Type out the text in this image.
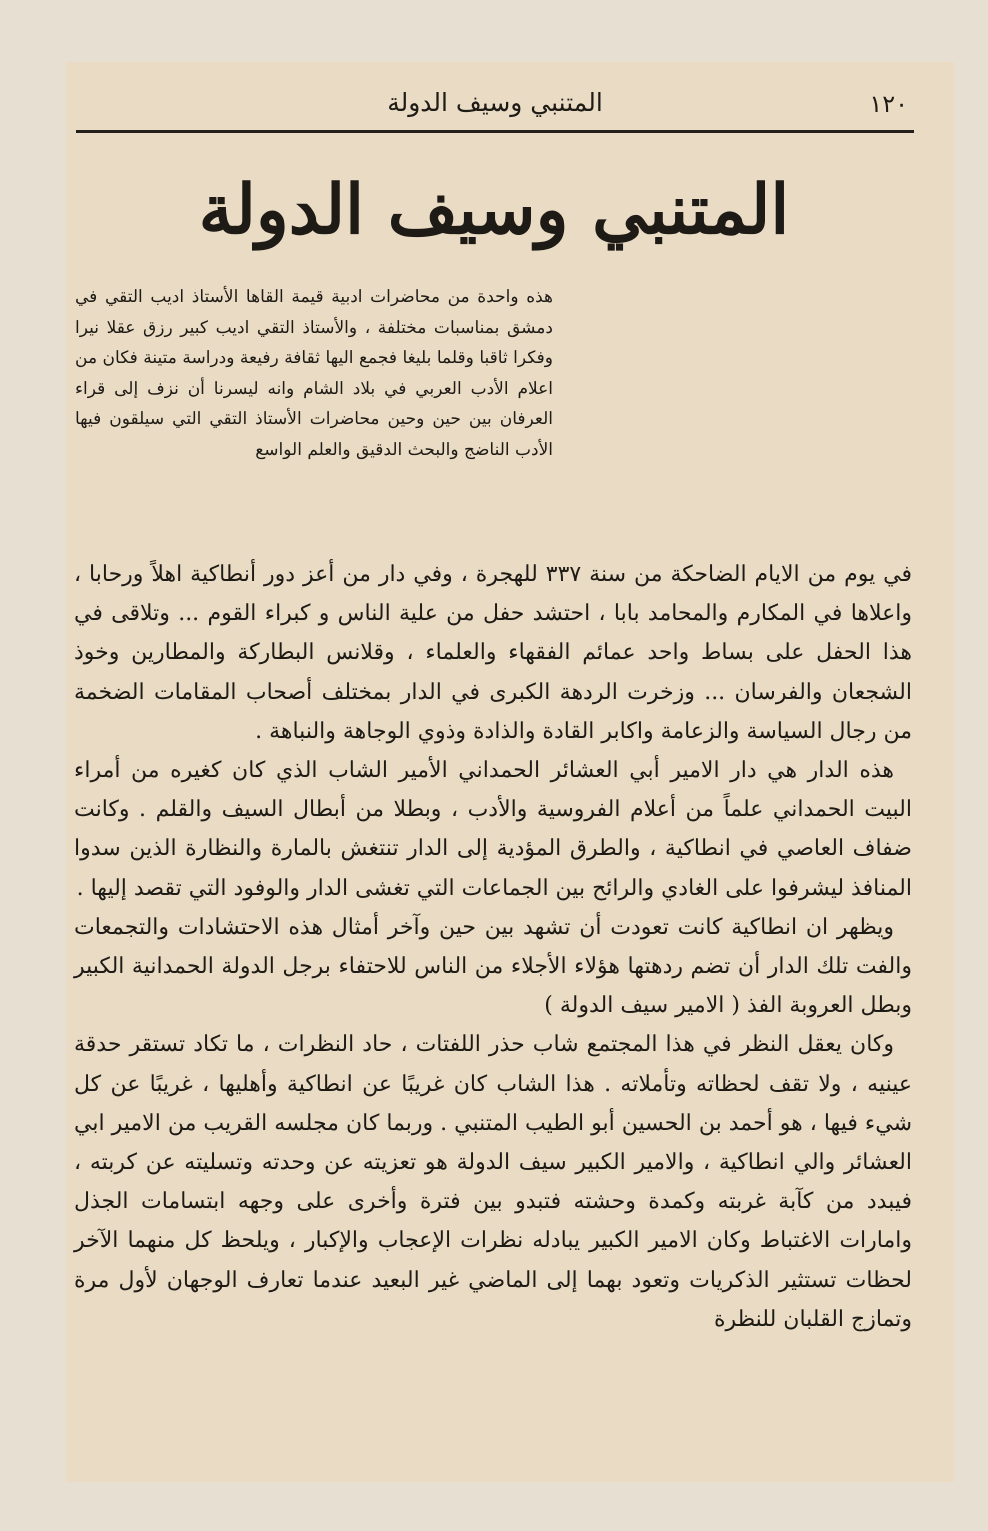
١٢٠
المتنبي وسيف الدولة
المتنبي وسيف الدولة
هذه واحدة من محاضرات ادبية قيمة القاها الأستاذ اديب التقي في دمشق بمناسبات مختلفة ، والأستاذ التقي اديب كبير رزق عقلا نيرا وفكرا ثاقبا وقلما بليغا فجمع اليها ثقافة رفيعة ودراسة متينة فكان من اعلام الأدب العربي في بلاد الشام وانه ليسرنا أن نزف إلى قراء العرفان بين حين وحين محاضرات الأستاذ التقي التي سيلقون فيها الأدب الناضج والبحث الدقيق والعلم الواسع

في يوم من الايام الضاحكة من سنة ٣٣٧ للهجرة ، وفي دار من أعز دور أنطاكية اهلاً ورحابا ، واعلاها في المكارم والمحامد بابا ، احتشد حفل من علية الناس و كبراء القوم ... وتلاقى في هذا الحفل على بساط واحد عمائم الفقهاء والعلماء ، وقلانس البطاركة والمطارين وخوذ الشجعان والفرسان ... وزخرت الردهة الكبرى في الدار بمختلف أصحاب المقامات الضخمة من رجال السياسة والزعامة واكابر القادة والذادة وذوي الوجاهة والنباهة .

هذه الدار هي دار الامير أبي العشائر الحمداني الأمير الشاب الذي كان كغيره من أمراء البيت الحمداني علماً من أعلام الفروسية والأدب ، وبطلا من أبطال السيف والقلم . وكانت ضفاف العاصي في انطاكية ، والطرق المؤدية إلى الدار تنتغش بالمارة والنظارة الذين سدوا المنافذ ليشرفوا على الغادي والرائح بين الجماعات التي تغشى الدار والوفود التي تقصد إليها .

ويظهر ان انطاكية كانت تعودت أن تشهد بين حين وآخر أمثال هذه الاحتشادات والتجمعات والفت تلك الدار أن تضم ردهتها هؤلاء الأجلاء من الناس للاحتفاء برجل الدولة الحمدانية الكبير وبطل العروبة الفذ ( الامير سيف الدولة )

وكان يعقل النظر في هذا المجتمع شاب حذر اللفتات ، حاد النظرات ، ما تكاد تستقر حدقة عينيه ، ولا تقف لحظاته وتأملاته . هذا الشاب كان غريبًا عن انطاكية وأهليها ، غريبًا عن كل شيء فيها ، هو أحمد بن الحسين أبو الطيب المتنبي . وربما كان مجلسه القريب من الامير ابي العشائر والي انطاكية ، والامير الكبير سيف الدولة هو تعزيته عن وحدته وتسليته عن كربته ، فيبدد من كآبة غربته وكمدة وحشته فتبدو بين فترة وأخرى على وجهه ابتسامات الجذل وامارات الاغتباط وكان الامير الكبير يبادله نظرات الإعجاب والإكبار ، ويلحظ كل منهما الآخر لحظات تستثير الذكريات وتعود بهما إلى الماضي غير البعيد عندما تعارف الوجهان لأول مرة وتمازج القلبان للنظرة
